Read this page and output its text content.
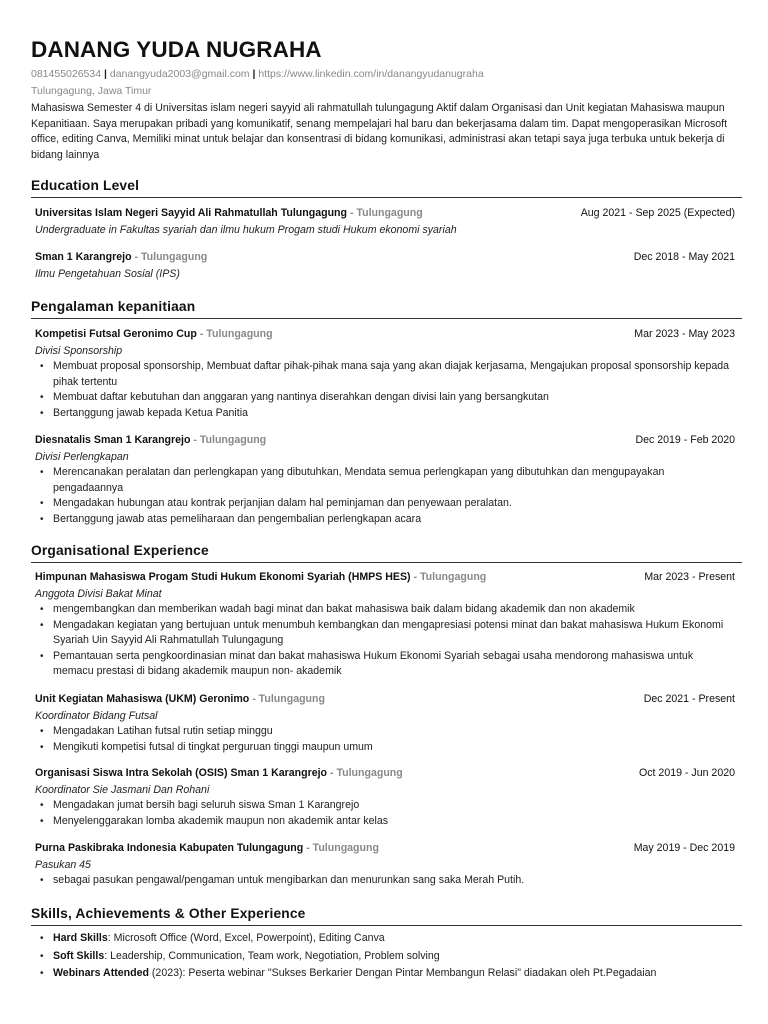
DANANG YUDA NUGRAHA
081455026534 | danangyuda2003@gmail.com | https://www.linkedin.com/in/danangyudanugraha
Tulungagung, Jawa Timur

Mahasiswa Semester 4 di Universitas islam negeri sayyid ali rahmatullah tulungagung Aktif dalam Organisasi dan Unit kegiatan Mahasiswa maupun Kepanitiaan. Saya merupakan pribadi yang komunikatif, senang mempelajari hal baru dan bekerjasama dalam tim. Dapat mengoperasikan Microsoft office, editing Canva, Memiliki minat untuk belajar dan konsentrasi di bidang komunikasi, administrasi akan tetapi saya juga terbuka untuk bekerja di bidang lainnya

Education Level
Universitas Islam Negeri Sayyid Ali Rahmatullah Tulungagung - Tulungagung	Aug 2021 - Sep 2025 (Expected)
Undergraduate in Fakultas syariah dan ilmu hukum Progam studi Hukum ekonomi syariah
Sman 1 Karangrejo - Tulungagung	Dec 2018 - May 2021
Ilmu Pengetahuan Sosial (IPS)
Pengalaman kepanitiaan
Kompetisi Futsal Geronimo Cup - Tulungagung	Mar 2023 - May 2023
Divisi Sponsorship
• Membuat proposal sponsorship, Membuat daftar pihak-pihak mana saja yang akan diajak kerjasama, Mengajukan proposal sponsorship kepada pihak tertentu
• Membuat daftar kebutuhan dan anggaran yang nantinya diserahkan dengan divisi lain yang bersangkutan
• Bertanggung jawab kepada Ketua Panitia
Diesnatalis Sman 1 Karangrejo - Tulungagung	Dec 2019 - Feb 2020
Divisi Perlengkapan
• Merencanakan peralatan dan perlengkapan yang dibutuhkan, Mendata semua perlengkapan yang dibutuhkan dan mengupayakan pengadaannya
• Mengadakan hubungan atau kontrak perjanjian dalam hal peminjaman dan penyewaan peralatan.
• Bertanggung jawab atas pemeliharaan dan pengembalian perlengkapan acara
Organisational Experience
Himpunan Mahasiswa Progam Studi Hukum Ekonomi Syariah (HMPS HES) - Tulungagung	Mar 2023 - Present
Anggota Divisi Bakat Minat
• mengembangkan dan memberikan wadah bagi minat dan bakat mahasiswa baik dalam bidang akademik dan non akademik
• Mengadakan kegiatan yang bertujuan untuk menumbuh kembangkan dan mengapresiasi potensi minat dan bakat mahasiswa Hukum Ekonomi Syariah Uin Sayyid Ali Rahmatullah Tulungagung
• Pemantauan serta pengkoordinasian minat dan bakat mahasiswa Hukum Ekonomi Syariah sebagai usaha mendorong mahasiswa untuk memacu prestasi di bidang akademik maupun non- akademik
Unit Kegiatan Mahasiswa (UKM) Geronimo - Tulungagung	Dec 2021 - Present
Koordinator Bidang Futsal
• Mengadakan Latihan futsal rutin setiap minggu
• Mengikuti kompetisi futsal di tingkat perguruan tinggi maupun umum
Organisasi Siswa Intra Sekolah (OSIS) Sman 1 Karangrejo - Tulungagung	Oct 2019 - Jun 2020
Koordinator Sie Jasmani Dan Rohani
• Mengadakan jumat bersih bagi seluruh siswa Sman 1 Karangrejo
• Menyelenggarakan lomba akademik maupun non akademik antar kelas
Purna Paskibraka Indonesia Kabupaten Tulungagung - Tulungagung	May 2019 - Dec 2019
Pasukan 45
• sebagai pasukan pengawal/pengaman untuk mengibarkan dan menurunkan sang saka Merah Putih.
Skills, Achievements & Other Experience
• Hard Skills: Microsoft Office (Word, Excel, Powerpoint), Editing Canva
• Soft Skills: Leadership, Communication, Team work, Negotiation, Problem solving
• Webinars Attended (2023): Peserta webinar "Sukses Berkarier Dengan Pintar Membangun Relasi" diadakan oleh Pt.Pegadaian
